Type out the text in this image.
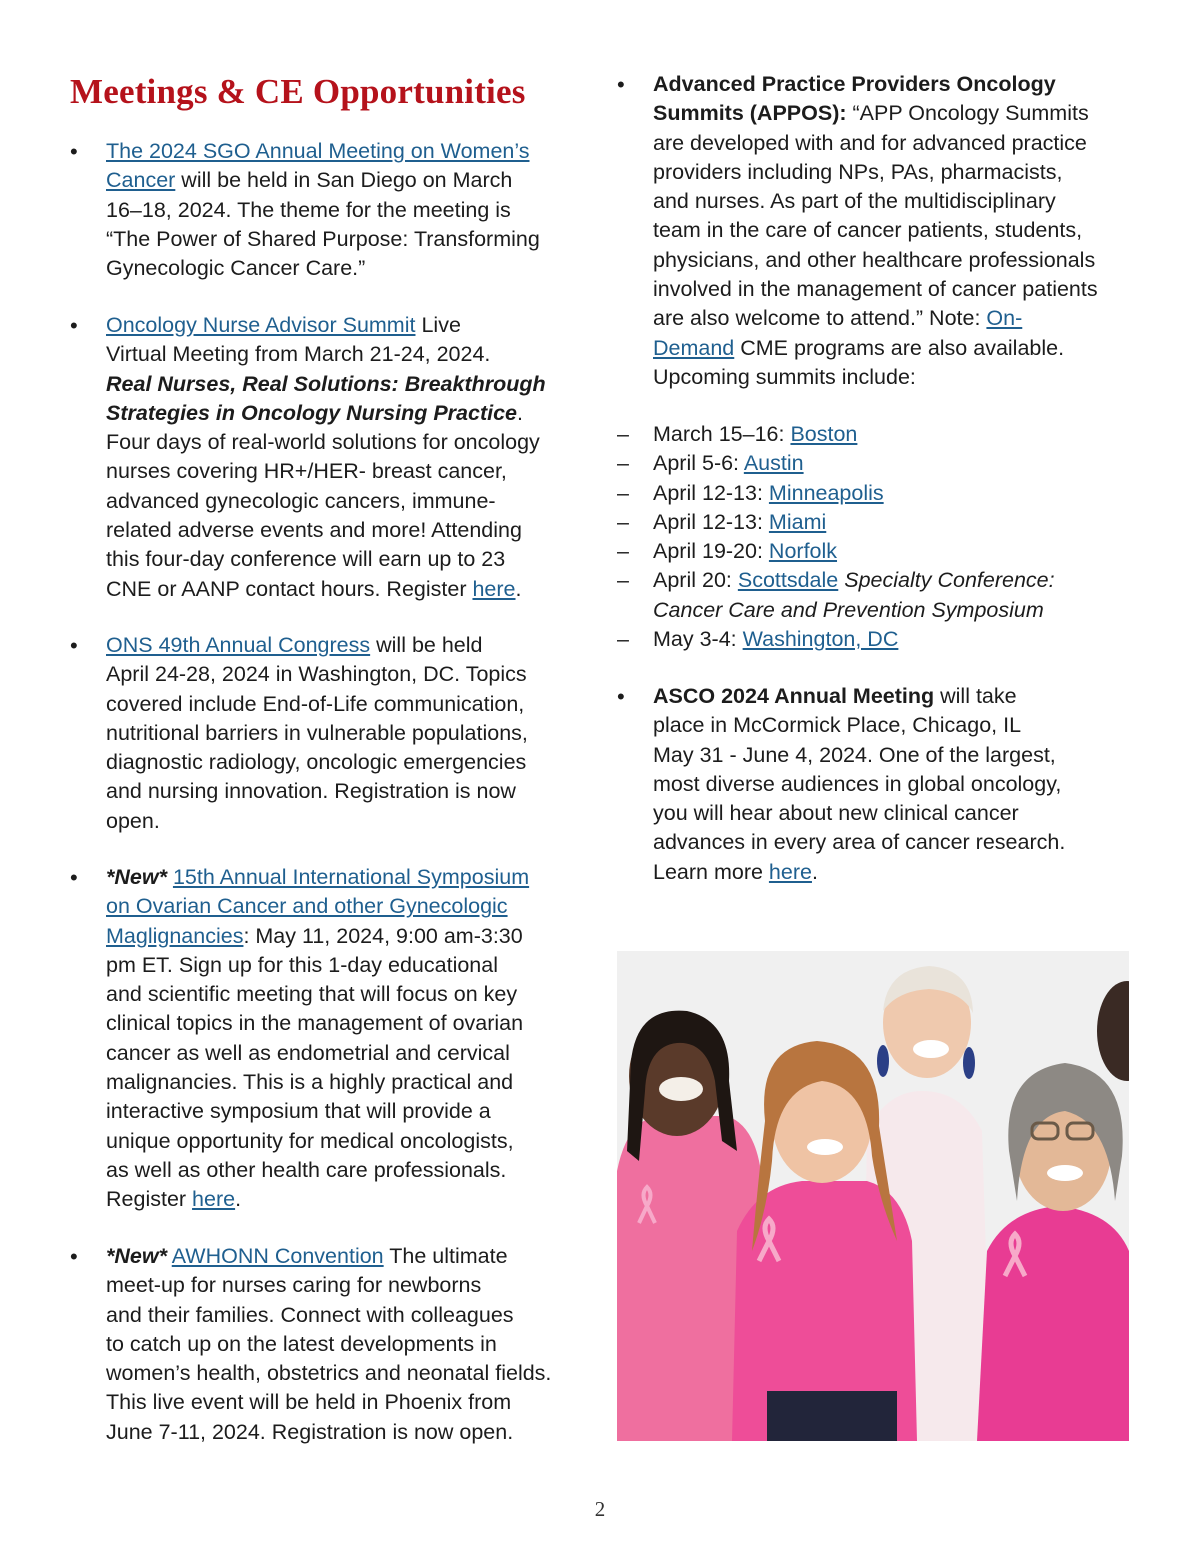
Meetings & CE Opportunities
• The 2024 SGO Annual Meeting on Women’s
Cancer will be held in San Diego on March
16–18, 2024. The theme for the meeting is
“The Power of Shared Purpose: Transforming
Gynecologic Cancer Care.”
• Oncology Nurse Advisor Summit Live
Virtual Meeting from March 21-24, 2024.
Real Nurses, Real Solutions: Breakthrough
Strategies in Oncology Nursing Practice.
Four days of real-world solutions for oncology
nurses covering HR+/HER- breast cancer,
advanced gynecologic cancers, immune-
related adverse events and more! Attending
this four-day conference will earn up to 23
CNE or AANP contact hours. Register here.
• ONS 49th Annual Congress will be held
April 24-28, 2024 in Washington, DC. Topics
covered include End-of-Life communication,
nutritional barriers in vulnerable populations,
diagnostic radiology, oncologic emergencies
and nursing innovation. Registration is now
open.
• *New* 15th Annual International Symposium
on Ovarian Cancer and other Gynecologic
Maglignancies: May 11, 2024, 9:00 am-3:30
pm ET. Sign up for this 1-day educational
and scientific meeting that will focus on key
clinical topics in the management of ovarian
cancer as well as endometrial and cervical
malignancies. This is a highly practical and
interactive symposium that will provide a
unique opportunity for medical oncologists,
as well as other health care professionals.
Register here.
• *New* AWHONN Convention The ultimate
meet-up for nurses caring for newborns
and their families. Connect with colleagues
to catch up on the latest developments in
women’s health, obstetrics and neonatal fields.
This live event will be held in Phoenix from
June 7-11, 2024. Registration is now open.
• Advanced Practice Providers Oncology
Summits (APPOS): “APP Oncology Summits
are developed with and for advanced practice
providers including NPs, PAs, pharmacists,
and nurses. As part of the multidisciplinary
team in the care of cancer patients, students,
physicians, and other healthcare professionals
involved in the management of cancer patients
are also welcome to attend.” Note: On-
Demand CME programs are also available.
Upcoming summits include:
– March 15–16: Boston
– April 5-6: Austin
– April 12-13: Minneapolis
– April 12-13: Miami
– April 19-20: Norfolk
– April 20: Scottsdale Specialty Conference:
Cancer Care and Prevention Symposium
– May 3-4: Washington, DC
• ASCO 2024 Annual Meeting will take
place in McCormick Place, Chicago, IL
May 31 - June 4, 2024. One of the largest,
most diverse audiences in global oncology,
you will hear about new clinical cancer
advances in every area of cancer research.
Learn more here.
2
